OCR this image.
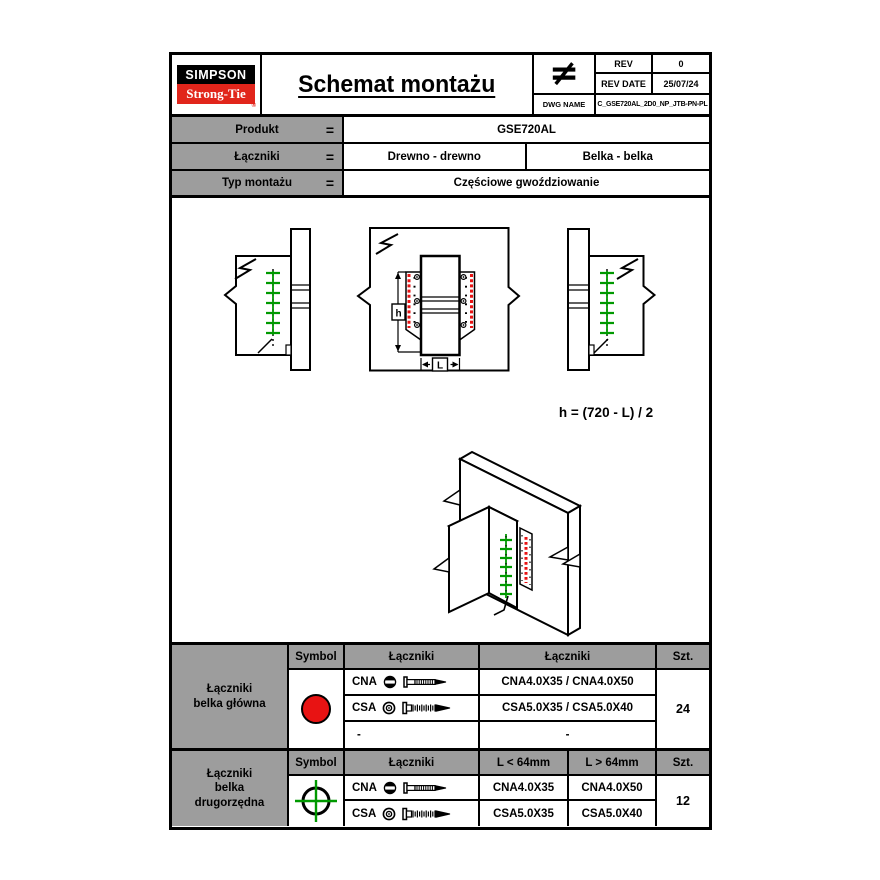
SIMPSON
Strong-Tie
®
Schemat montażu	≠	REV	0
REV DATE	25/07/24
DWG NAME	C_GSE720AL_2D0_NP_JTB-PN-PL
Produkt	=	GSE720AL
Łączniki	=	Drewno - drewno	Belka - belka
Typ montażu =	Częściowe gwoździowanie
h
L
h = (720 - L) / 2
Łączniki
belka główna
Symbol	Łączniki	Łączniki	Szt.
CNA	CNA4.0X35 / CNA4.0X50
CSA	CSA5.0X35 / CSA5.0X40
-	-
24
Łączniki
belka
drugorzędna
Symbol	Łączniki	L < 64mm	L > 64mm	Szt.
CNA	CNA4.0X35	CNA4.0X50
CSA	CSA5.0X35	CSA5.0X40
12
